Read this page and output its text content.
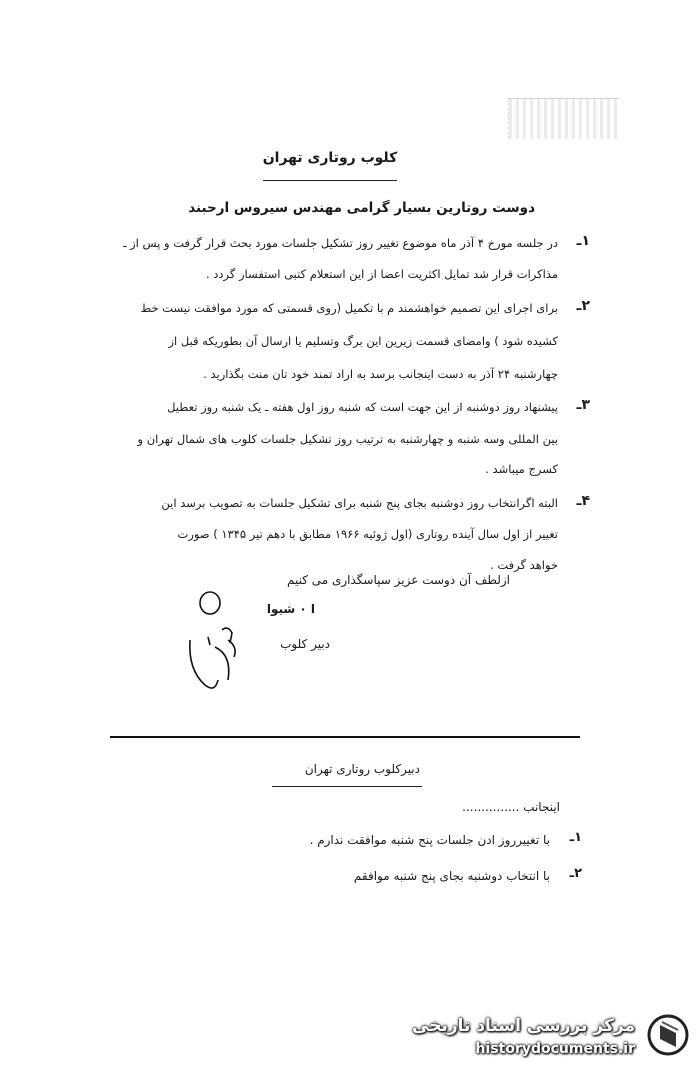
کلوب روتاری تهران
دوست روتارین بسیار گرامی مهندس سیروس ارحبند
۱ـ
در جلسه مورخ ۴ آذر ماه موضوع تغییر روز تشکیل جلسات مورد بحث قرار گرفت و پس از ـ
مذاکرات قرار شد تمایل اکثریت اعضا از این استعلام کتبی استفسار گردد .
۲ـ
برای اجرای این تصمیم خواهشمند م با تکمیل (روی قسمتی که مورد موافقت نیست خط
کشیده شود ) وامضای قسمت زیرین این برگ وتسلیم یا ارسال آن بطوریکه قبل از
چهارشنبه ۲۴ آذر به دست اینجانب برسد به اراد تمند خود تان منت بگذارید .
۳ـ
پیشنهاد روز دوشنبه از این جهت است که شنبه روز اول هفته ـ یک شنبه روز تعطیل
بین المللی وسه شنبه و چهارشنبه به ترتیب روز تشکیل جلسات کلوب های شمال تهران و
کسرج میباشد .
۴ـ
البته اگرانتخاب روز دوشنبه بجای پنج شنبه برای تشکیل جلسات به تصویب برسد این
تغییر از اول سال آینده روتاری (اول ژوئیه ۱۹۶۶ مطابق با دهم تیر ۱۳۴۵ ) صورت
خواهد گرفت .
ازلطف آن دوست عزیز سپاسگذاری می کنیم
ا ۰ شیوا
دبیر کلوب
دبیرکلوب روتاری تهران
اینجانب ...............
۱ـ
با تغییرروز ادن جلسات پنج شنبه موافقت ندارم .
۲ـ
با انتخاب دوشنبه بجای پنج شنبه موافقم
مرکز بررسی اسناد تاریخی
historydocuments.ir
